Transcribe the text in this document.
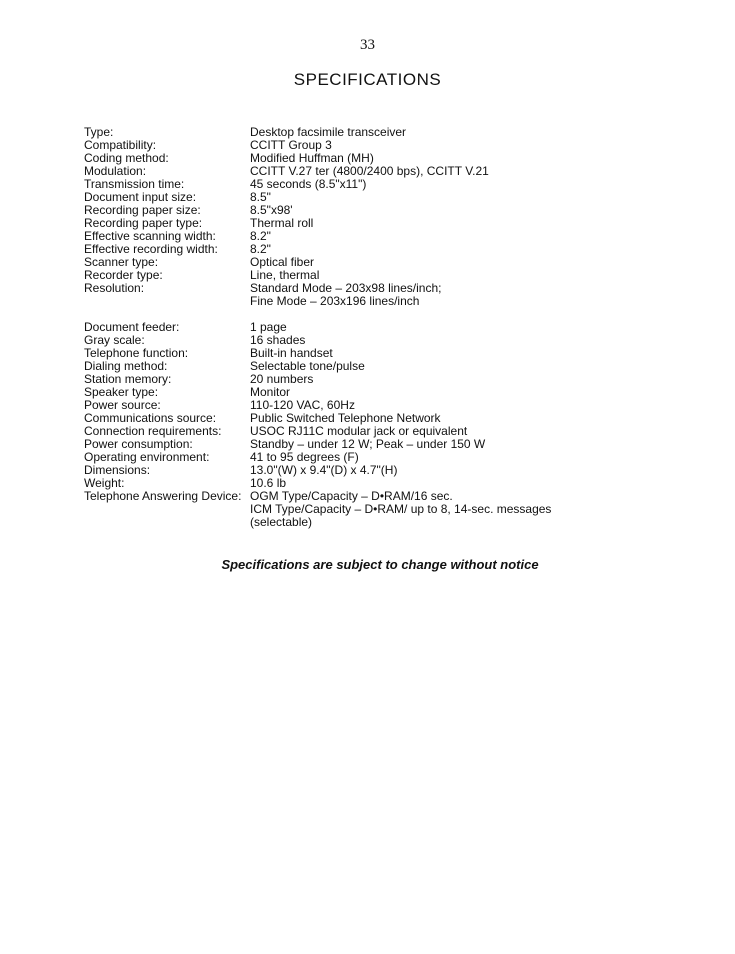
33
SPECIFICATIONS
Type:	Desktop facsimile transceiver
Compatibility:	CCITT Group 3
Coding method:	Modified Huffman (MH)
Modulation:	CCITT V.27 ter (4800/2400 bps), CCITT V.21
Transmission time:	45 seconds (8.5"x11")
Document input size:	8.5"
Recording paper size:	8.5"x98'
Recording paper type:	Thermal roll
Effective scanning width:	8.2"
Effective recording width:	8.2"
Scanner type:	Optical fiber
Recorder type:	Line, thermal
Resolution:	Standard Mode – 203x98 lines/inch;
Fine Mode – 203x196 lines/inch
Document feeder:	1 page
Gray scale:	16 shades
Telephone function:	Built-in handset
Dialing method:	Selectable tone/pulse
Station memory:	20 numbers
Speaker type:	Monitor
Power source:	110-120 VAC, 60Hz
Communications source:	Public Switched Telephone Network
Connection requirements:	USOC RJ11C modular jack or equivalent
Power consumption:	Standby – under 12 W; Peak – under 150 W
Operating environment:	41 to 95 degrees (F)
Dimensions:	13.0"(W) x 9.4"(D) x 4.7"(H)
Weight:	10.6 lb
Telephone Answering Device: OGM Type/Capacity – D•RAM/16 sec.
ICM Type/Capacity – D•RAM/ up to 8, 14-sec. messages
(selectable)
Specifications are subject to change without notice
